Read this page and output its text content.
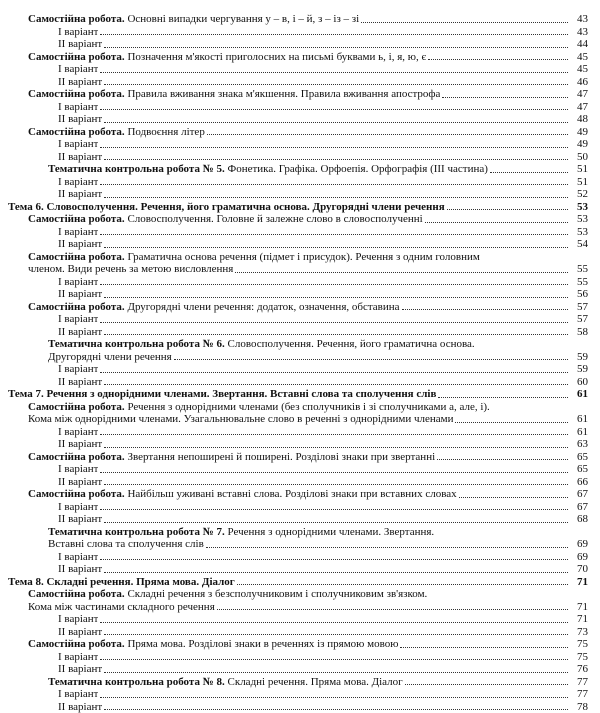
Самостійна робота. Основні випадки чергування у – в, і – й, з – із – зі	43
І варіант	43
ІІ варіант	44
Самостійна робота. Позначення м'якості приголосних на письмі буквами ь, і, я, ю, є	45
І варіант	45
ІІ варіант	46
Самостійна робота. Правила вживання знака м'якшення. Правила вживання апострофа	47
І варіант	47
ІІ варіант	48
Самостійна робота. Подвоєння літер	49
І варіант	49
ІІ варіант	50
Тематична контрольна робота № 5. Фонетика. Графіка. Орфоепія. Орфографія (ІІІ частина)	51
І варіант	51
ІІ варіант	52
Тема 6. Словосполучення. Речення, його граматична основа. Другорядні члени речення	53
Самостійна робота. Словосполучення. Головне й залежне слово в словосполученні	53
І варіант	53
ІІ варіант	54
Самостійна робота. Граматична основа речення (підмет і присудок). Речення з одним головним
членом. Види речень за метою висловлення	55
І варіант	55
ІІ варіант	56
Самостійна робота. Другорядні члени речення: додаток, означення, обставина	57
І варіант	57
ІІ варіант	58
Тематична контрольна робота № 6. Словосполучення. Речення, його граматична основа.
Другорядні члени речення	59
І варіант	59
ІІ варіант	60
Тема 7. Речення з однорідними членами. Звертання. Вставні слова та сполучення слів	61
Самостійна робота. Речення з однорідними членами (без сполучників і зі сполучниками а, але, і).
Кома між однорідними членами. Узагальнювальне слово в реченні з однорідними членами	61
І варіант	61
ІІ варіант	63
Самостійна робота. Звертання непоширені й поширені. Розділові знаки при звертанні	65
І варіант	65
ІІ варіант	66
Самостійна робота. Найбільш уживані вставні слова. Розділові знаки при вставних словах	67
І варіант	67
ІІ варіант	68
Тематична контрольна робота № 7. Речення з однорідними членами. Звертання.
Вставні слова та сполучення слів	69
І варіант	69
ІІ варіант	70
Тема 8. Складні речення. Пряма мова. Діалог	71
Самостійна робота. Складні речення з безсполучниковим і сполучниковим зв'язком.
Кома між частинами складного речення	71
І варіант	71
ІІ варіант	73
Самостійна робота. Пряма мова. Розділові знаки в реченнях із прямою мовою	75
І варіант	75
ІІ варіант	76
Тематична контрольна робота № 8. Складні речення. Пряма мова. Діалог	77
І варіант	77
ІІ варіант	78
